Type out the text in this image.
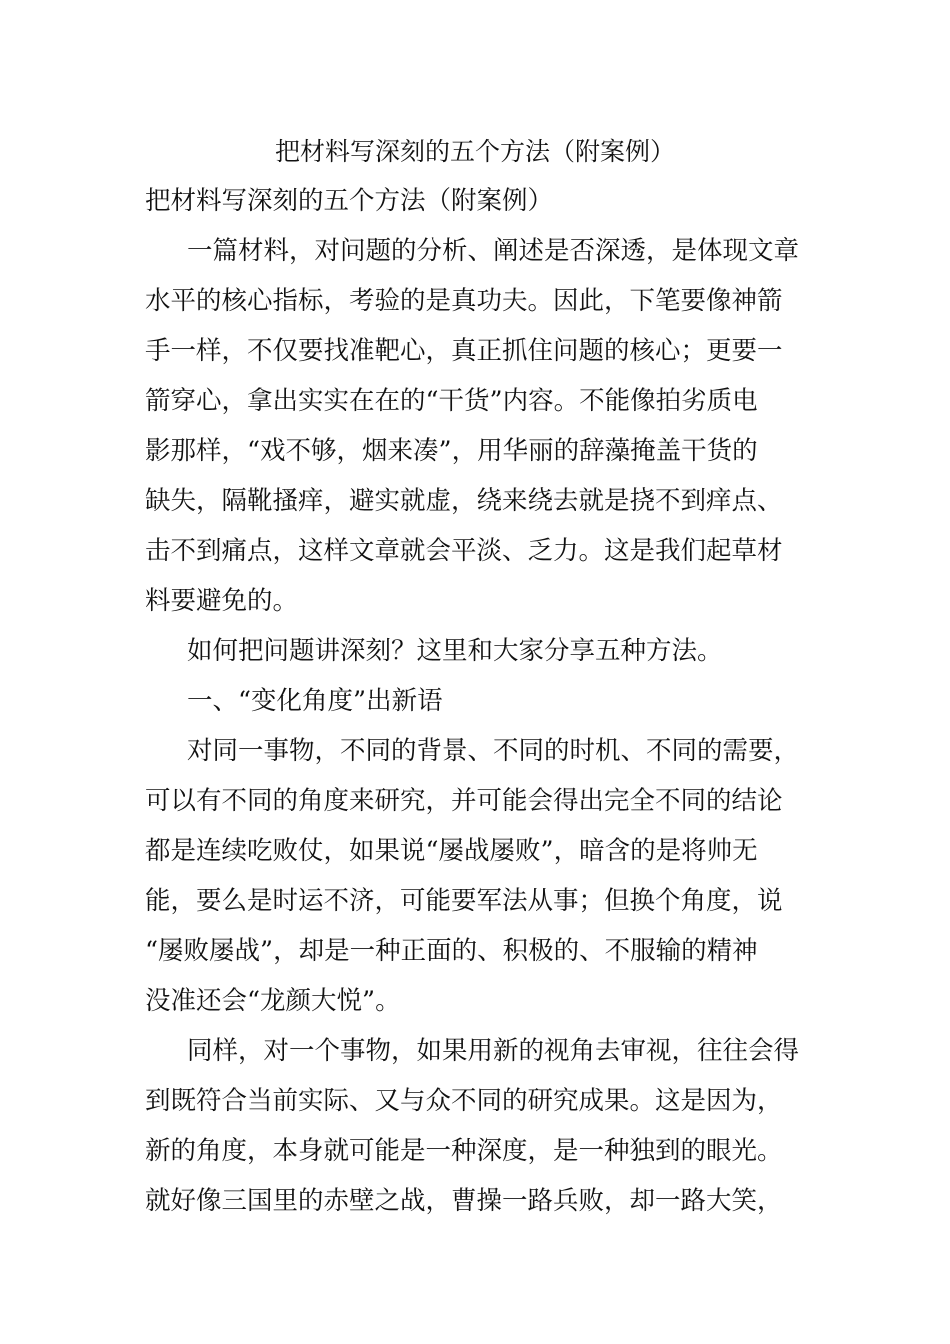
把材料写深刻的五个方法（附案例）
把材料写深刻的五个方法（附案例）
一篇材料，对问题的分析、阐述是否深透，是体现文章
水平的核心指标，考验的是真功夫。因此，下笔要像神箭
手一样，不仅要找准靶心，真正抓住问题的核心；更要一
箭穿心，拿出实实在在的“干货”内容。不能像拍劣质电
影那样，“戏不够，烟来凑”，用华丽的辞藻掩盖干货的
缺失，隔靴搔痒，避实就虚，绕来绕去就是挠不到痒点、
击不到痛点，这样文章就会平淡、乏力。这是我们起草材
料要避免的。
如何把问题讲深刻？这里和大家分享五种方法。
一、“变化角度”出新语
对同一事物，不同的背景、不同的时机、不同的需要，
可以有不同的角度来研究，并可能会得出完全不同的结论
都是连续吃败仗，如果说“屡战屡败”，暗含的是将帅无
能，要么是时运不济，可能要军法从事；但换个角度，说
“屡败屡战”，却是一种正面的、积极的、不服输的精神
没准还会“龙颜大悦”。
同样，对一个事物，如果用新的视角去审视，往往会得
到既符合当前实际、又与众不同的研究成果。这是因为，
新的角度，本身就可能是一种深度，是一种独到的眼光。
就好像三国里的赤壁之战，曹操一路兵败，却一路大笑，
